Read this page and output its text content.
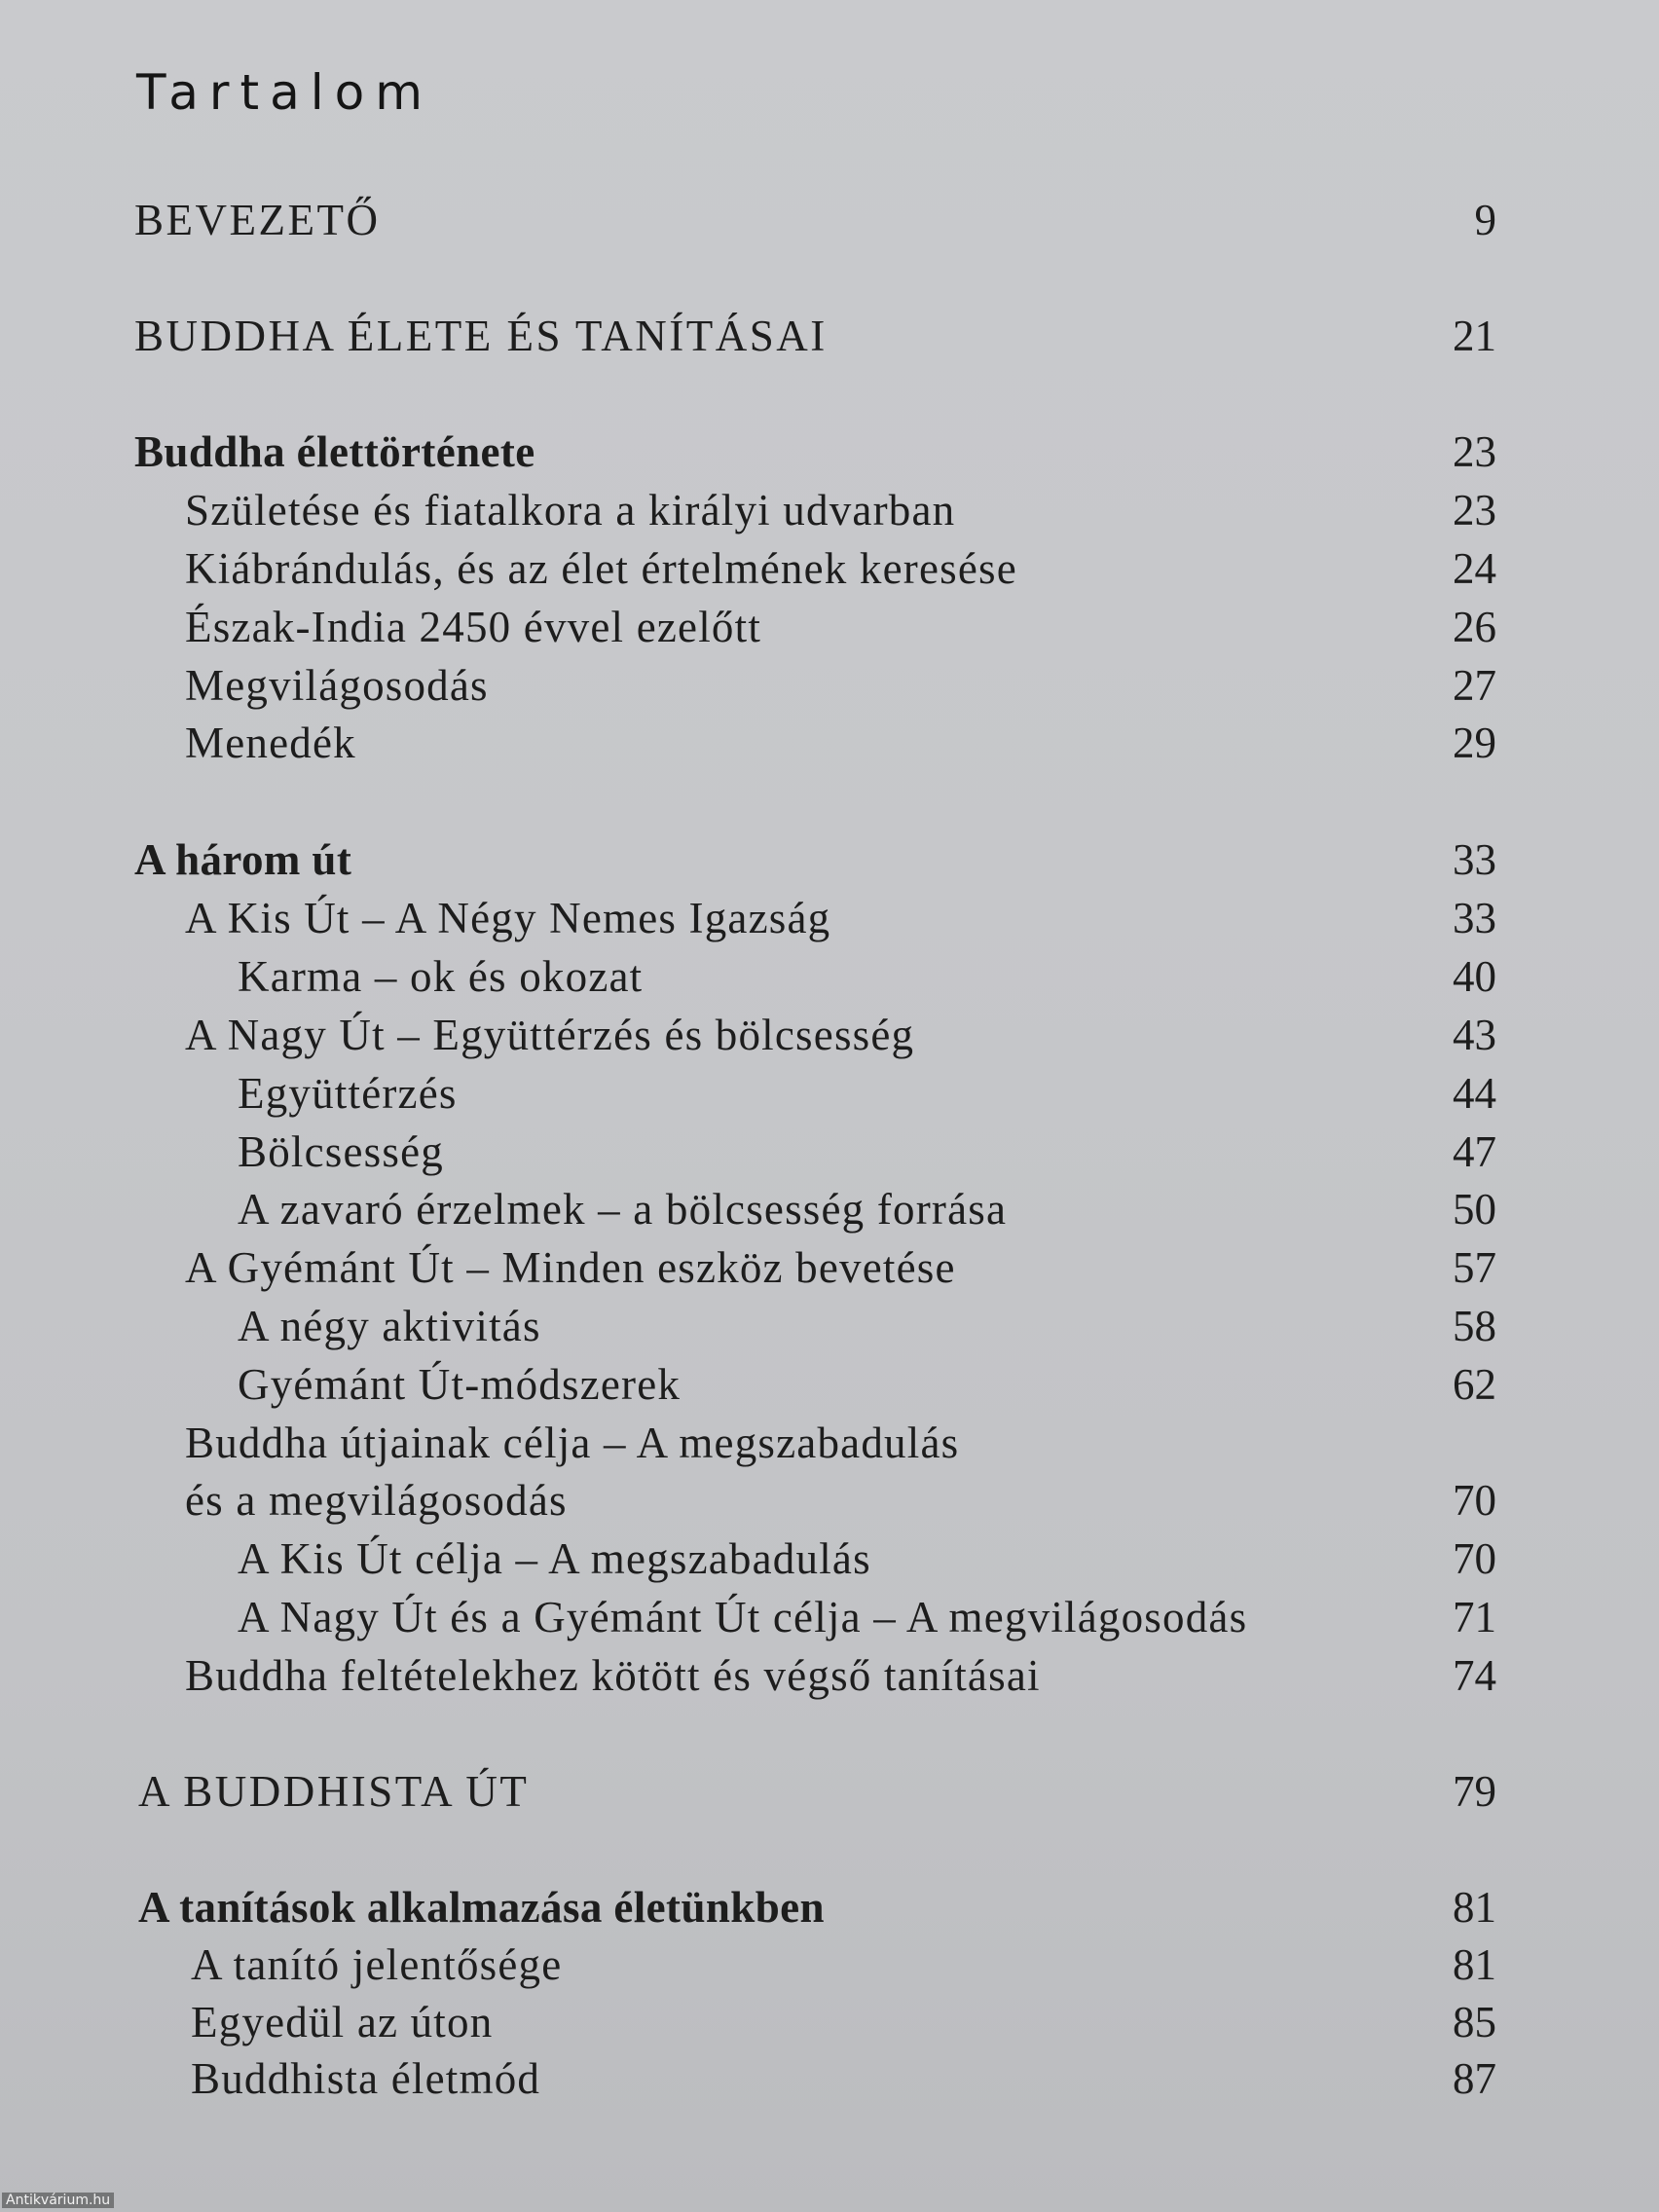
Tartalom
BEVEZETŐ	9
BUDDHA ÉLETE ÉS TANÍTÁSAI	21
Buddha élettörténete	23
Születése és fiatalkora a királyi udvarban	23
Kiábrándulás, és az élet értelmének keresése	24
Észak-India 2450 évvel ezelőtt	26
Megvilágosodás	27
Menedék	29
A három út	33
A Kis Út – A Négy Nemes Igazság	33
Karma – ok és okozat	40
A Nagy Út – Együttérzés és bölcsesség	43
Együttérzés	44
Bölcsesség	47
A zavaró érzelmek – a bölcsesség forrása	50
A Gyémánt Út – Minden eszköz bevetése	57
A négy aktivitás	58
Gyémánt Út-módszerek	62
Buddha útjainak célja – A megszabadulás
és a megvilágosodás	70
A Kis Út célja – A megszabadulás	70
A Nagy Út és a Gyémánt Út célja – A megvilágosodás	71
Buddha feltételekhez kötött és végső tanításai	74
A BUDDHISTA ÚT	79
A tanítások alkalmazása életünkben	81
A tanító jelentősége	81
Egyedül az úton	85
Buddhista életmód	87
Antikvárium.hu
